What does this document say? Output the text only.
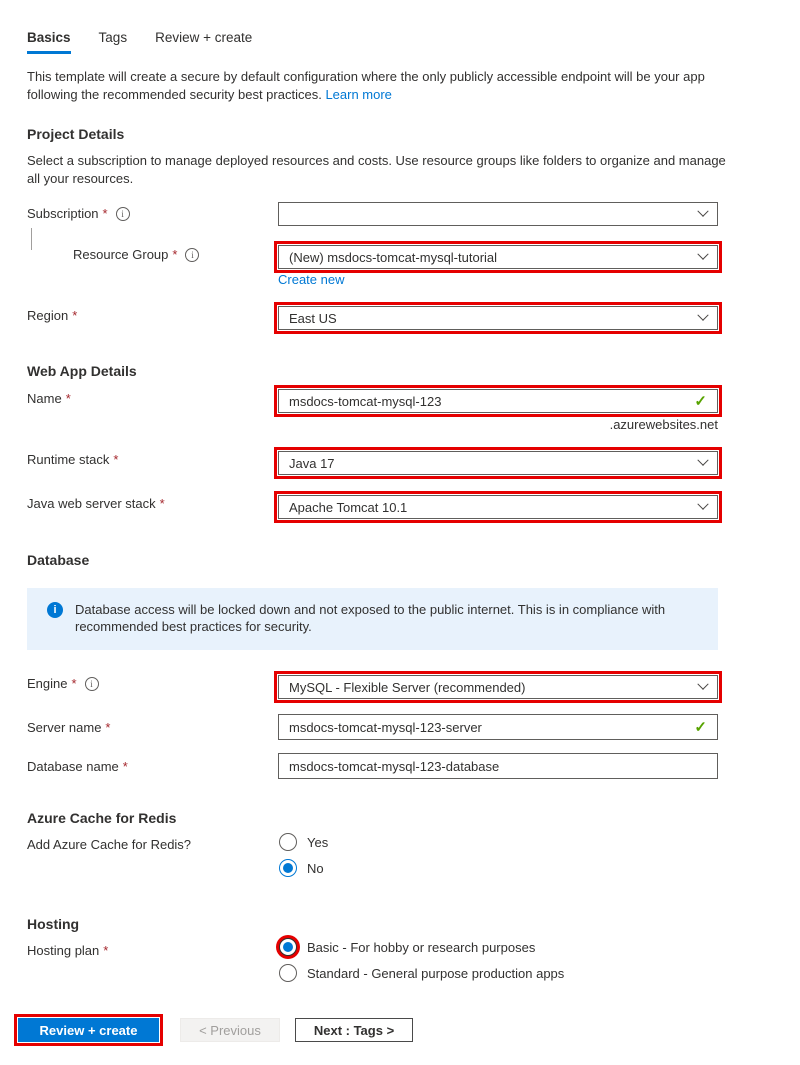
Basics Tags Review + create
This template will create a secure by default configuration where the only publicly accessible endpoint will be your app following the recommended security best practices. Learn more
Project Details
Select a subscription to manage deployed resources and costs. Use resource groups like folders to organize and manage all your resources.
Subscription *
i
Resource Group * i	(New) msdocs-tomcat-mysql-tutorial
Create new
Region *	East US
Web App Details
Name *	msdocs-tomcat-mysql-123	✓
.azurewebsites.net
Runtime stack *	Java 17
Java web server stack *	Apache Tomcat 10.1
Database
i
Database access will be locked down and not exposed to the public internet. This is in compliance with recommended best practices for security.
Engine * i	MySQL - Flexible Server (recommended)
Server name *	msdocs-tomcat-mysql-123-server	✓
Database name *	msdocs-tomcat-mysql-123-database
Azure Cache for Redis
Add Azure Cache for Redis?	Yes
No
Hosting
Hosting plan *	Basic - For hobby or research purposes
Standard - General purpose production apps
Review + create	< Previous	Next : Tags >
